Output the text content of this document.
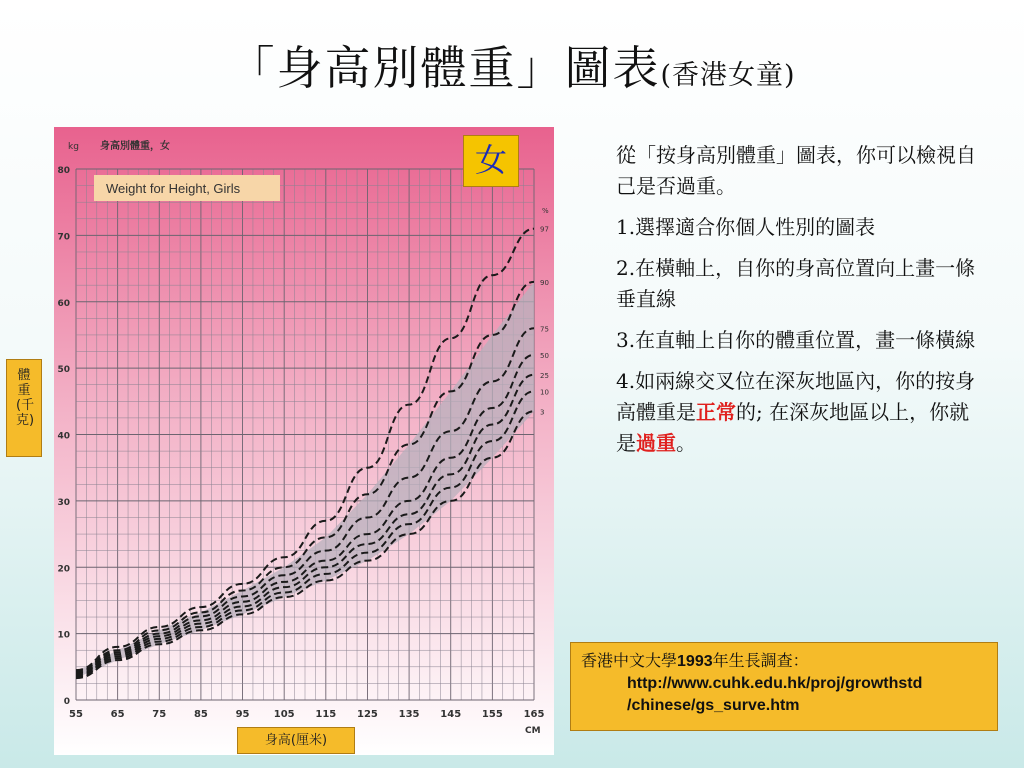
「身高別體重」圖表(香港女童)
97
90
75
50
25
10
3
55	65	75	85	95 105 115 125 135 145 155 165
0
10
20
30
40
50
60
70
80
kg 身高別體重，女
Weight for Height, Girls
%
CM
女
體重(千克)
身高(厘米)

從「按身高別體重」圖表，你可以檢視自己是否過重。

1.選擇適合你個人性別的圖表

2.在橫軸上，自你的身高位置向上畫一條垂直線

3.在直軸上自你的體重位置，畫一條橫線

4.如兩線交叉位在深灰地區內，你的按身高體重是正常的; 在深灰地區以上，你就是過重。

香港中文大學1993年生長調查：
http://www.cuhk.edu.hk/proj/growthstd
/chinese/gs_surve.htm
